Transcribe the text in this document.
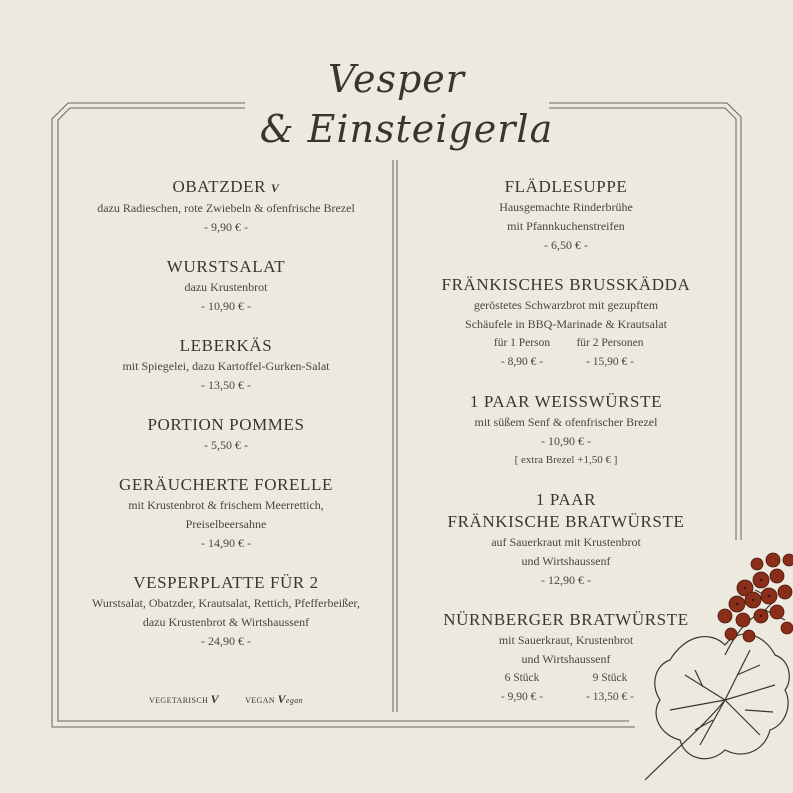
Vesper
& Einsteigerla
OBATZDER V

dazu Radieschen, rote Zwiebeln & ofenfrische Brezel

- 9,90 € -
WURSTSALAT

dazu Krustenbrot

- 10,90 € -
LEBERKÄS

mit Spiegelei, dazu Kartoffel-Gurken-Salat

- 13,50 € -
PORTION POMMES
- 5,50 € -
GERÄUCHERTE FORELLE

mit Krustenbrot & frischem Meerrettich,

Preiselbeersahne

- 14,90 € -
VESPERPLATTE FÜR 2

Wurstsalat, Obatzder, Krautsalat, Rettich, Pfefferbeißer,

dazu Krustenbrot & Wirtshaussenf

- 24,90 € -
VEGETARISCH V	VEGAN Vegan
FLÄDLESUPPE

Hausgemachte Rinderbrühe

mit Pfannkuchenstreifen

- 6,50 € -
FRÄNKISCHES BRUSSKÄDDA

geröstetes Schwarzbrot mit gezupftem

Schäufele in BBQ-Marinade & Krautsalat

für 1 Person	für 2 Personen
- 8,90 € -	- 15,90 € -
1 PAAR WEISSWÜRSTE

mit süßem Senf & ofenfrischer Brezel

- 10,90 € -
[ extra Brezel +1,50 € ]
1 PAAR
FRÄNKISCHE BRATWÜRSTE

auf Sauerkraut mit Krustenbrot

und Wirtshaussenf

- 12,90 € -
NÜRNBERGER BRATWÜRSTE

mit Sauerkraut, Krustenbrot

und Wirtshaussenf

6 Stück	9 Stück
- 9,90 € -	- 13,50 € -
